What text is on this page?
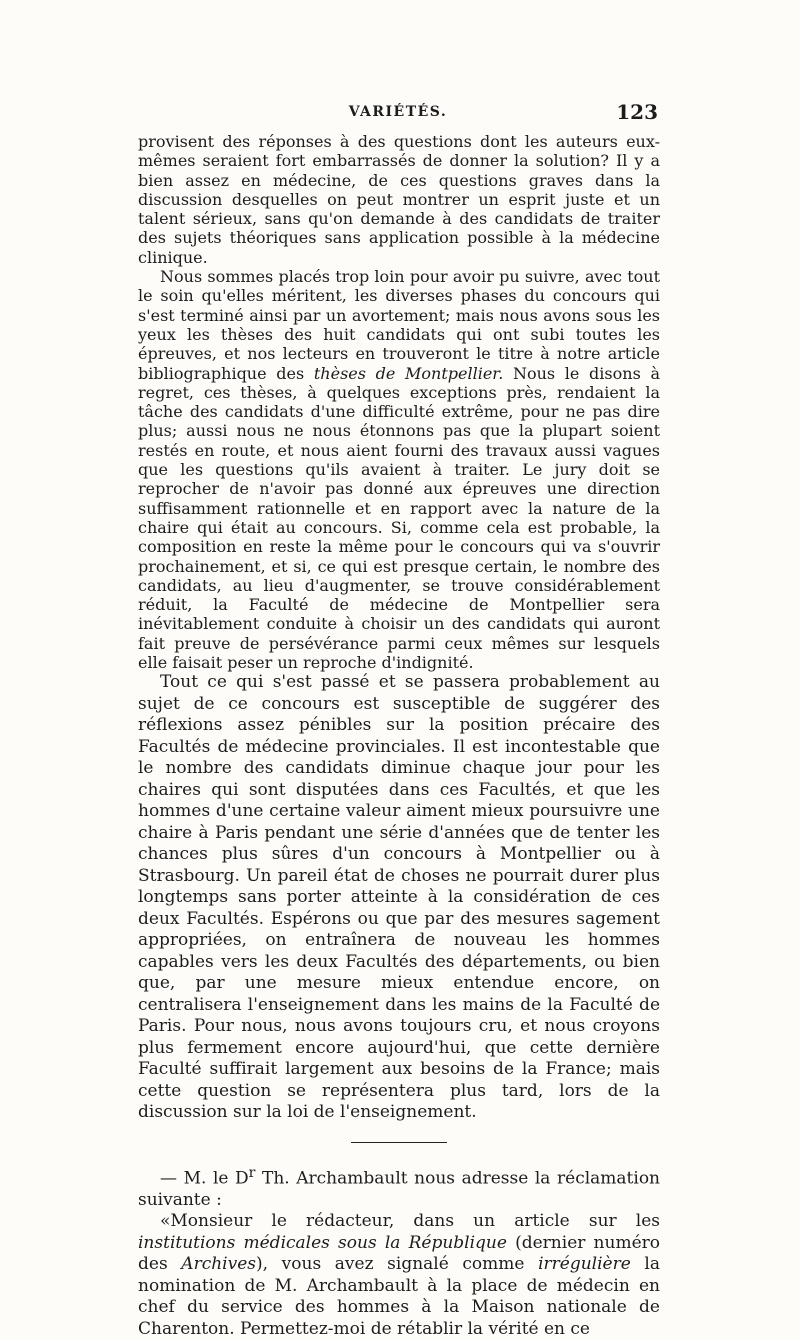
VARIÉTÉS.	123

provisent des réponses à des questions dont les auteurs eux-mêmes seraient fort embarrassés de donner la solution? Il y a bien assez en médecine, de ces questions graves dans la discussion desquelles on peut montrer un esprit juste et un talent sérieux, sans qu'on demande à des candidats de traiter des sujets théoriques sans application possible à la médecine clinique.

Nous sommes placés trop loin pour avoir pu suivre, avec tout le soin qu'elles méritent, les diverses phases du concours qui s'est terminé ainsi par un avortement; mais nous avons sous les yeux les thèses des huit candidats qui ont subi toutes les épreuves, et nos lecteurs en trouveront le titre à notre article bibliographique des thèses de Montpellier. Nous le disons à regret, ces thèses, à quelques exceptions près, rendaient la tâche des candidats d'une difficulté extrême, pour ne pas dire plus; aussi nous ne nous étonnons pas que la plupart soient restés en route, et nous aient fourni des travaux aussi vagues que les questions qu'ils avaient à traiter. Le jury doit se reprocher de n'avoir pas donné aux épreuves une direction suffisamment rationnelle et en rapport avec la nature de la chaire qui était au concours. Si, comme cela est probable, la composition en reste la même pour le concours qui va s'ouvrir prochainement, et si, ce qui est presque certain, le nombre des candidats, au lieu d'augmenter, se trouve considérablement réduit, la Faculté de médecine de Montpellier sera inévitablement conduite à choisir un des candidats qui auront fait preuve de persévérance parmi ceux mêmes sur lesquels elle faisait peser un reproche d'indignité.

Tout ce qui s'est passé et se passera probablement au sujet de ce concours est susceptible de suggérer des réflexions assez pénibles sur la position précaire des Facultés de médecine provinciales. Il est incontestable que le nombre des candidats diminue chaque jour pour les chaires qui sont disputées dans ces Facultés, et que les hommes d'une certaine valeur aiment mieux poursuivre une chaire à Paris pendant une série d'années que de tenter les chances plus sûres d'un concours à Montpellier ou à Strasbourg. Un pareil état de choses ne pourrait durer plus longtemps sans porter atteinte à la considération de ces deux Facultés. Espérons ou que par des mesures sagement appropriées, on entraînera de nouveau les hommes capables vers les deux Facultés des départements, ou bien que, par une mesure mieux entendue encore, on centralisera l'enseignement dans les mains de la Faculté de Paris. Pour nous, nous avons toujours cru, et nous croyons plus fermement encore aujourd'hui, que cette dernière Faculté suffirait largement aux besoins de la France; mais cette question se représentera plus tard, lors de la discussion sur la loi de l'enseignement.

— M. le $D^r$ Th. Archambault nous adresse la réclamation suivante :

«Monsieur le rédacteur, dans un article sur les institutions médicales sous la République (dernier numéro des Archives), vous avez signalé comme irrégulière la nomination de M. Archambault à la place de médecin en chef du service des hommes à la Maison nationale de Charenton. Permettez-moi de rétablir la vérité en ce
